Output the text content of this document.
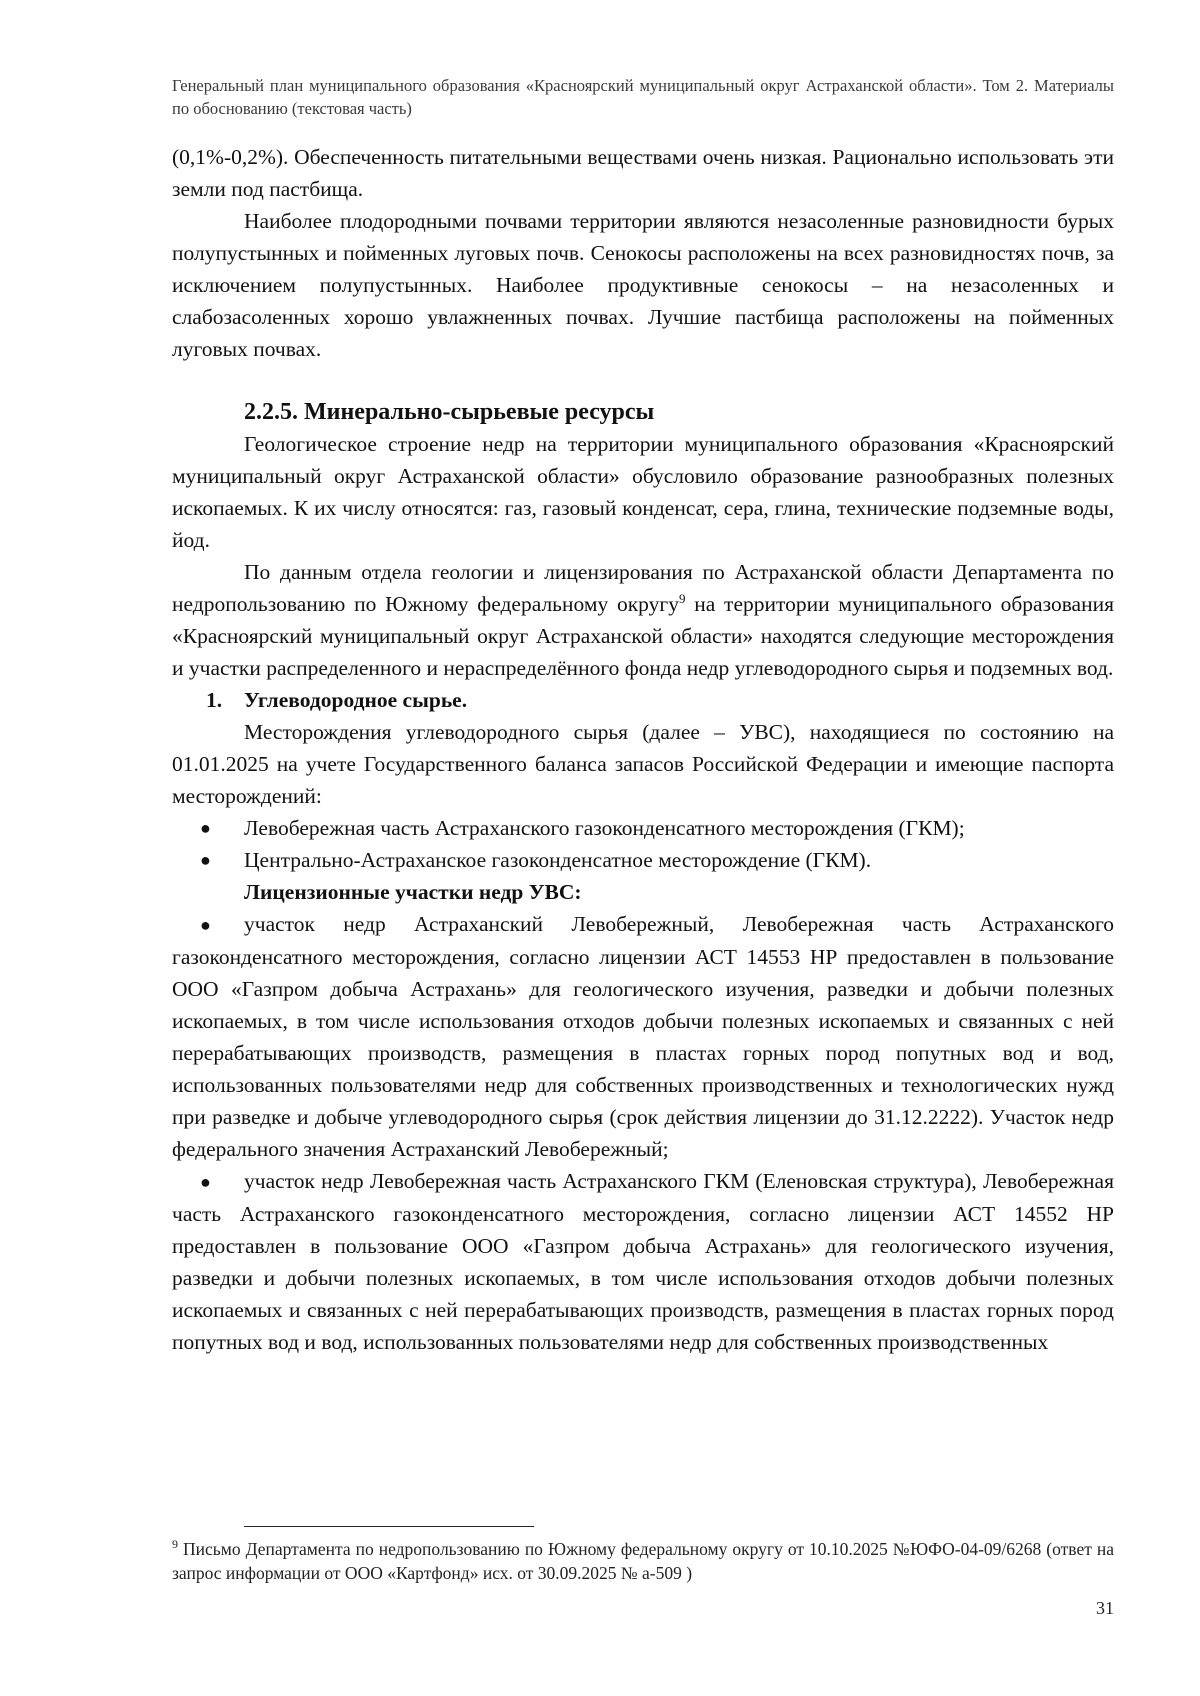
Генеральный план муниципального образования «Красноярский муниципальный округ Астраханской области». Том 2. Материалы по обоснованию (текстовая часть)

(0,1%-0,2%). Обеспеченность питательными веществами очень низкая. Рационально использовать эти земли под пастбища.

Наиболее плодородными почвами территории являются незасоленные разновидности бурых полупустынных и пойменных луговых почв. Сенокосы расположены на всех разновидностях почв, за исключением полупустынных. Наиболее продуктивные сенокосы – на незасоленных и слабозасоленных хорошо увлажненных почвах. Лучшие пастбища расположены на пойменных луговых почвах.

2.2.5. Минерально-сырьевые ресурсы

Геологическое строение недр на территории муниципального образования «Красноярский муниципальный округ Астраханской области» обусловило образование разнообразных полезных ископаемых. К их числу относятся: газ, газовый конденсат, сера, глина, технические подземные воды, йод.

По данным отдела геологии и лицензирования по Астраханской области Департамента по недропользованию по Южному федеральному округу$^9$ на территории муниципального образования «Красноярский муниципальный округ Астраханской области» находятся следующие месторождения и участки распределенного и нераспределённого фонда недр углеводородного сырья и подземных вод.

1.	Углеводородное сырье.

Месторождения углеводородного сырья (далее – УВС), находящиеся по состоянию на 01.01.2025 на учете Государственного баланса запасов Российской Федерации и имеющие паспорта месторождений:

●	Левобережная часть Астраханского газоконденсатного месторождения (ГКМ);
●	Центрально-Астраханское газоконденсатное месторождение (ГКМ).
Лицензионные участки недр УВС:

● участок недр Астраханский Левобережный, Левобережная часть Астраханского газоконденсатного месторождения, согласно лицензии АСТ 14553 НР предоставлен в пользование ООО «Газпром добыча Астрахань» для геологического изучения, разведки и добычи полезных ископаемых, в том числе использования отходов добычи полезных ископаемых и связанных с ней перерабатывающих производств, размещения в пластах горных пород попутных вод и вод, использованных пользователями недр для собственных производственных и технологических нужд при разведке и добыче углеводородного сырья (срок действия лицензии до 31.12.2222). Участок недр федерального значения Астраханский Левобережный;

● участок недр Левобережная часть Астраханского ГКМ (Еленовская структура), Левобережная часть Астраханского газоконденсатного месторождения, согласно лицензии АСТ 14552 НР предоставлен в пользование ООО «Газпром добыча Астрахань» для геологического изучения, разведки и добычи полезных ископаемых, в том числе использования отходов добычи полезных ископаемых и связанных с ней перерабатывающих производств, размещения в пластах горных пород попутных вод и вод, использованных пользователями недр для собственных производственных

$^9$ Письмо Департамента по недропользованию по Южному федеральному округу от 10.10.2025 №ЮФО-04-09/6268 (ответ на запрос информации от ООО «Картфонд» исх. от 30.09.2025 № а-509 )
31
